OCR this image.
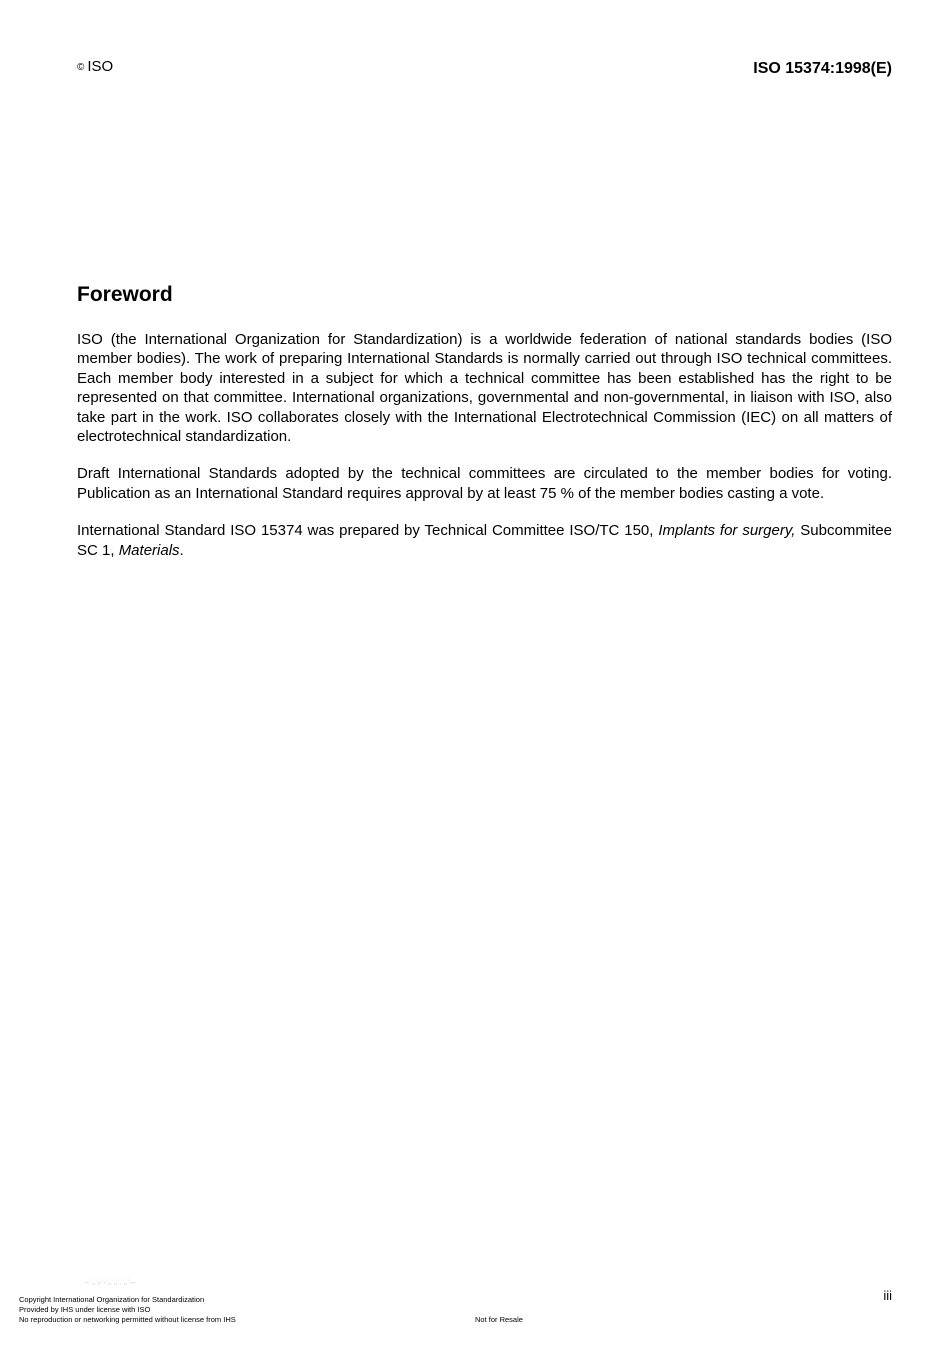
© ISO	ISO 15374:1998(E)
Foreword

ISO (the International Organization for Standardization) is a worldwide federation of national standards bodies (ISO member bodies). The work of preparing International Standards is normally carried out through ISO technical committees. Each member body interested in a subject for which a technical committee has been established has the right to be represented on that committee. International organizations, governmental and non-governmental, in liaison with ISO, also take part in the work. ISO collaborates closely with the International Electrotechnical Commission (IEC) on all matters of electrotechnical standardization.

Draft International Standards adopted by the technical committees are circulated to the member bodies for voting. Publication as an International Standard requires approval by at least 75 % of the member bodies casting a vote.

International Standard ISO 15374 was prepared by Technical Committee ISO/TC 150, Implants for surgery, Subcommitee SC 1, Materials.

--`,,`,-`-`,,`,,`,`,,`---
iii
Copyright International Organization for Standardization
Provided by IHS under license with ISO
No reproduction or networking permitted without license from IHS	Not for Resale
